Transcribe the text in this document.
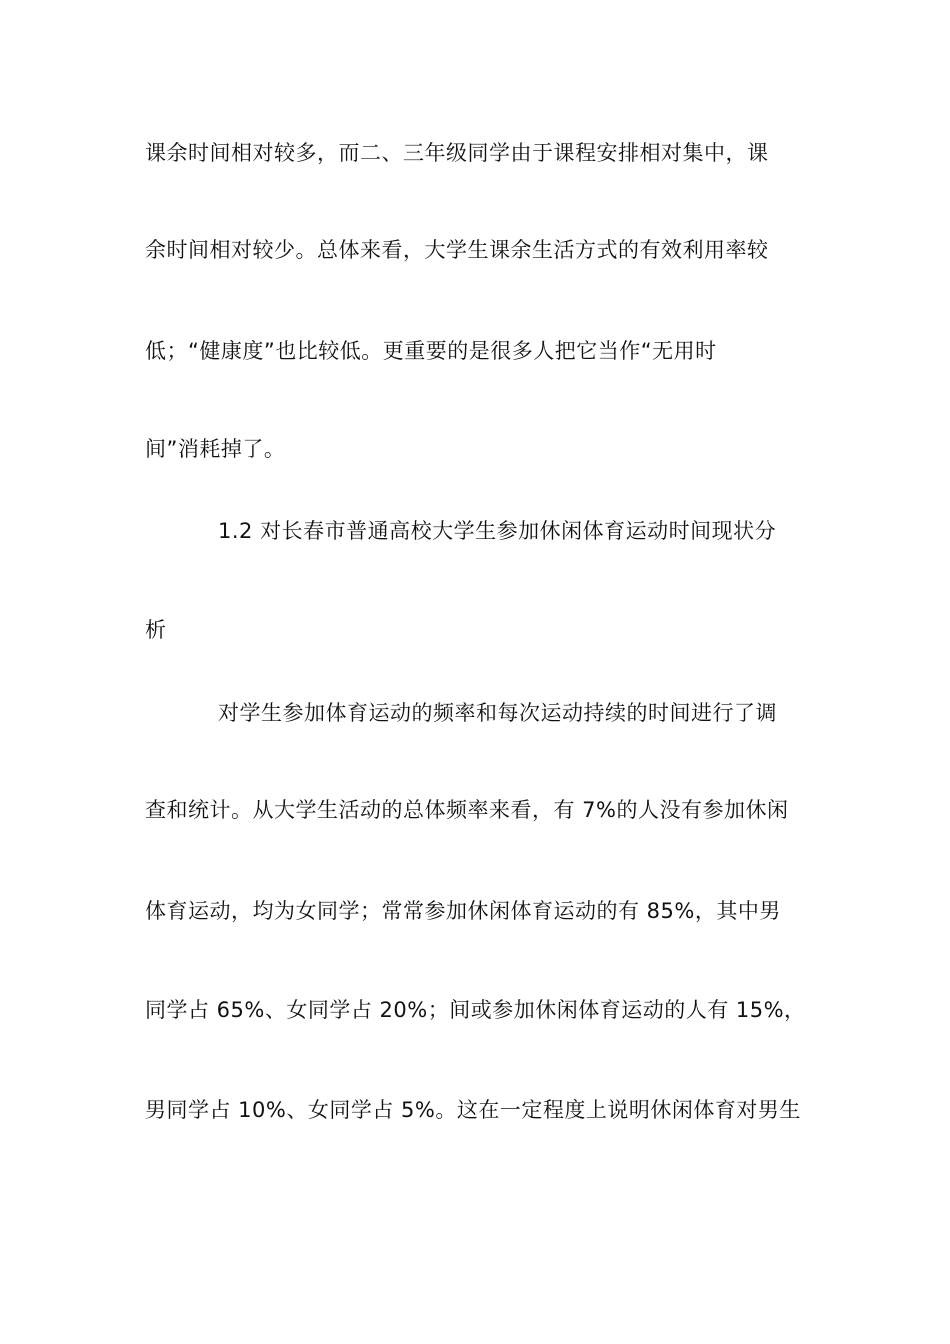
课余时间相对较多，而二、三年级同学由于课程安排相对集中，课
余时间相对较少。总体来看，大学生课余生活方式的有效利用率较
低；“健康度”也比较低。更重要的是很多人把它当作“无用时
间”消耗掉了。
1.2 对长春市普通高校大学生参加休闲体育运动时间现状分
析
对学生参加体育运动的频率和每次运动持续的时间进行了调
查和统计。从大学生活动的总体频率来看，有 7%的人没有参加休闲
体育运动，均为女同学；常常参加休闲体育运动的有 85%，其中男
同学占 65%、女同学占 20%；间或参加休闲体育运动的人有 15%，
男同学占 10%、女同学占 5%。这在一定程度上说明休闲体育对男生
